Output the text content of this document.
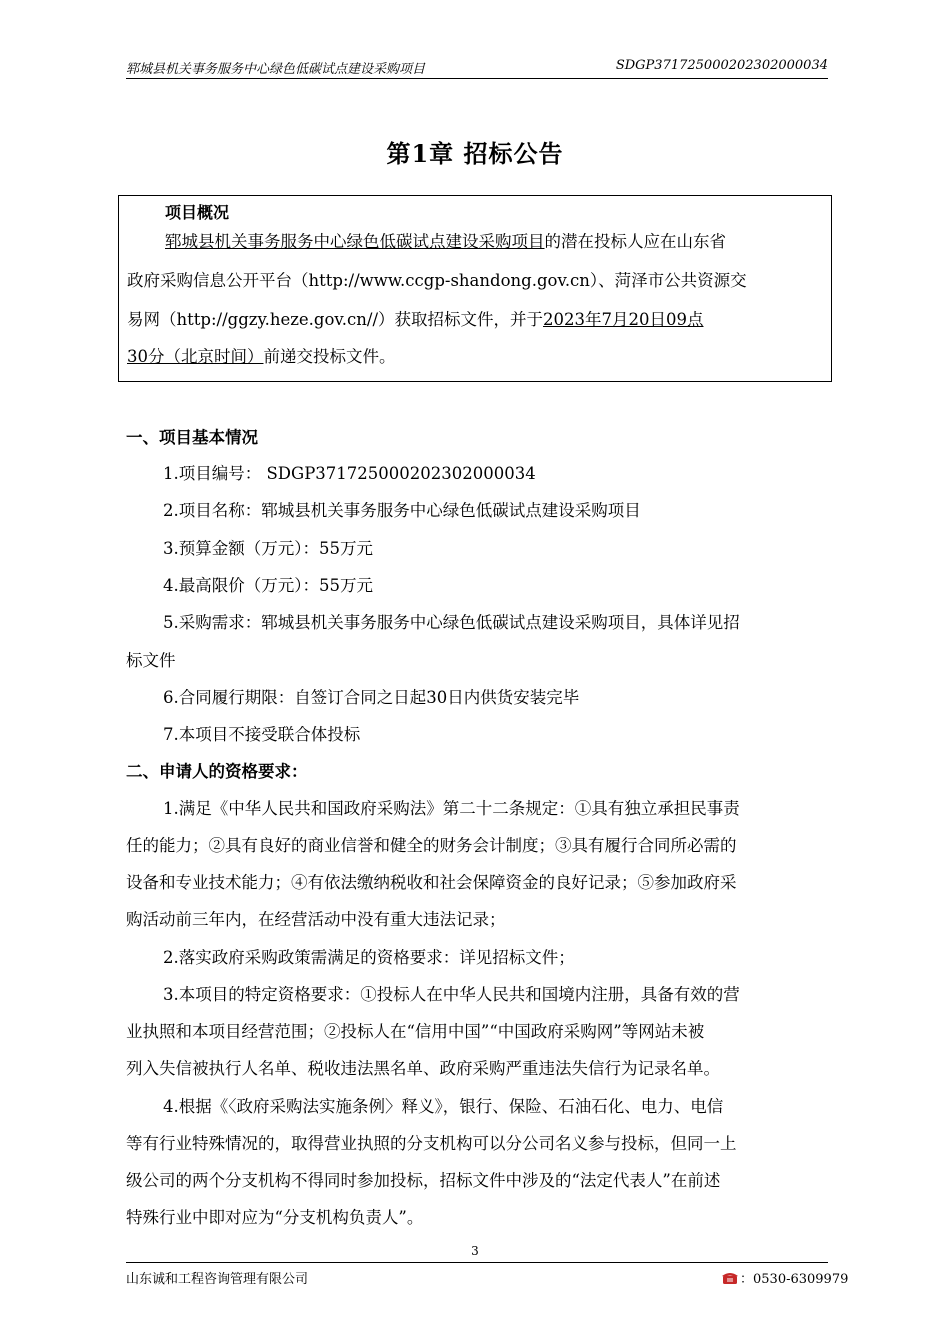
郓城县机关事务服务中心绿色低碳试点建设采购项目	SDGP371725000202302000034
第1章 招标公告
项目概况
郓城县机关事务服务中心绿色低碳试点建设采购项目的潜在投标人应在山东省
政府采购信息公开平台（http://www.ccgp-shandong.gov.cn）、菏泽市公共资源交
易网（http://ggzy.heze.gov.cn//）获取招标文件，并于2023年7月20日09点
30分（北京时间）前递交投标文件。
一、项目基本情况
1.项目编号： SDGP371725000202302000034
2.项目名称：郓城县机关事务服务中心绿色低碳试点建设采购项目
3.预算金额（万元）：55万元
4.最高限价（万元）：55万元
5.采购需求：郓城县机关事务服务中心绿色低碳试点建设采购项目，具体详见招
标文件
6.合同履行期限：自签订合同之日起30日内供货安装完毕
7.本项目不接受联合体投标
二、申请人的资格要求：
1.满足《中华人民共和国政府采购法》第二十二条规定：①具有独立承担民事责
任的能力；②具有良好的商业信誉和健全的财务会计制度；③具有履行合同所必需的
设备和专业技术能力；④有依法缴纳税收和社会保障资金的良好记录；⑤参加政府采
购活动前三年内，在经营活动中没有重大违法记录；
2.落实政府采购政策需满足的资格要求：详见招标文件；
3.本项目的特定资格要求：①投标人在中华人民共和国境内注册，具备有效的营
业执照和本项目经营范围；②投标人在“信用中国”“中国政府采购网”等网站未被
列入失信被执行人名单、税收违法黑名单、政府采购严重违法失信行为记录名单。
4.根据《〈政府采购法实施条例〉释义》，银行、保险、石油石化、电力、电信
等有行业特殊情况的，取得营业执照的分支机构可以分公司名义参与投标，但同一上
级公司的两个分支机构不得同时参加投标，招标文件中涉及的“法定代表人”在前述
特殊行业中即对应为“分支机构负责人”。
3
山东诚和工程咨询管理有限公司	：0530-6309979
